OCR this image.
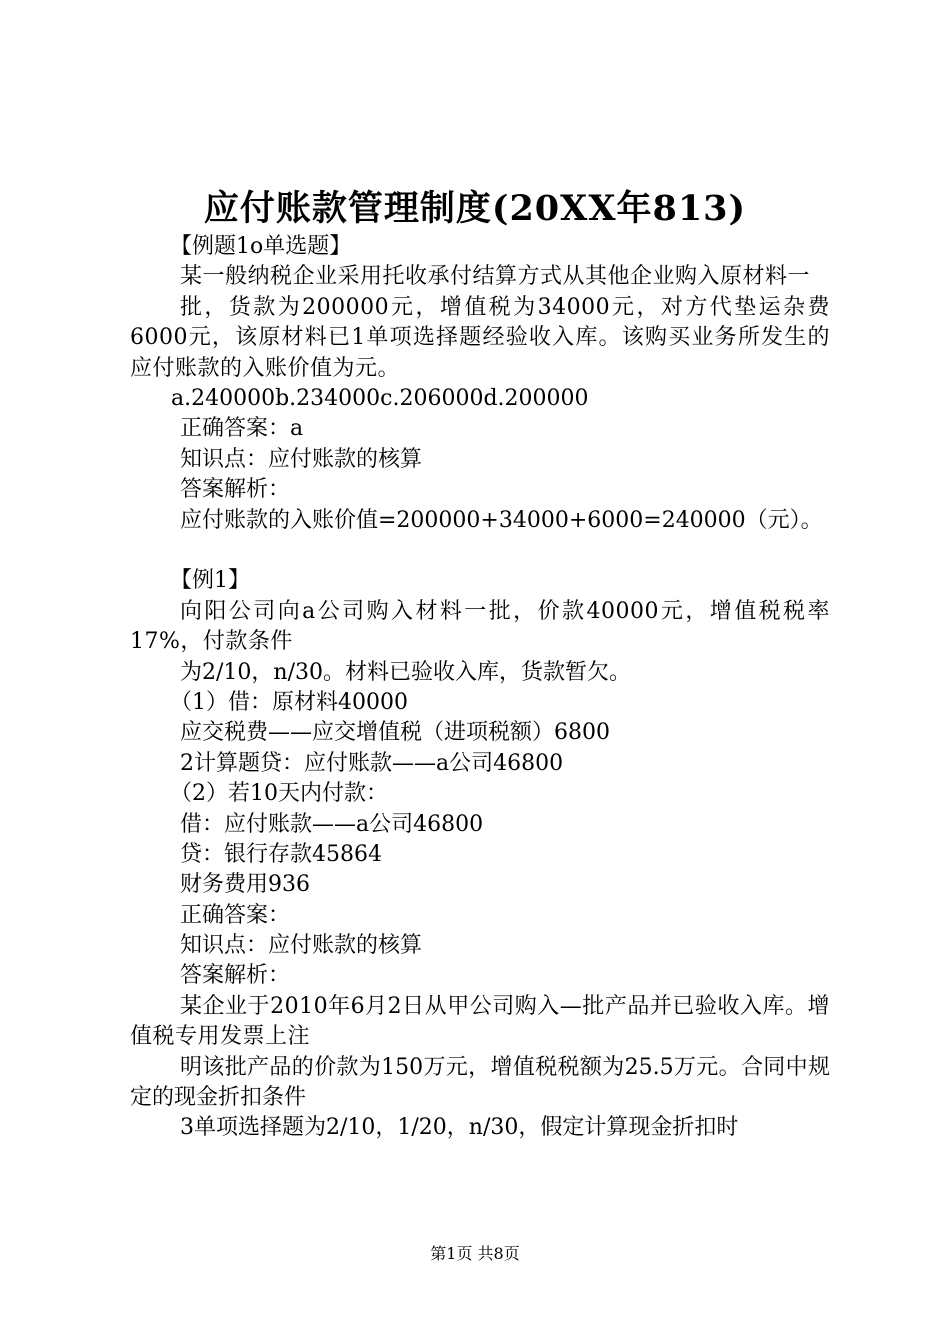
应付账款管理制度(20XX年813)
【例题1o单选题】
某一般纳税企业采用托收承付结算方式从其他企业购入原材料一
批，货款为200000元，增值税为34000元，对方代垫运杂费6000元，该原材料已1单项选择题经验收入库。该购买业务所发生的应付账款的入账价值为元。
a.240000b.234000c.206000d.200000
正确答案：a
知识点：应付账款的核算
答案解析：
应付账款的入账价值=200000+34000+6000=240000（元）。
【例1】
向阳公司向a公司购入材料一批，价款40000元，增值税税率17%，付款条件
为2/10，n/30。材料已验收入库，货款暂欠。
（1）借：原材料40000
应交税费——应交增值税（进项税额）6800
2计算题贷：应付账款——a公司46800
（2）若10天内付款：
借：应付账款——a公司46800
贷：银行存款45864
财务费用936
正确答案：
知识点：应付账款的核算
答案解析：
某企业于2010年6月2日从甲公司购入—批产品并已验收入库。增值税专用发票上注
明该批产品的价款为150万元，增值税税额为25.5万元。合同中规定的现金折扣条件
3单项选择题为2/10，1/20，n/30，假定计算现金折扣时
第1页 共8页
